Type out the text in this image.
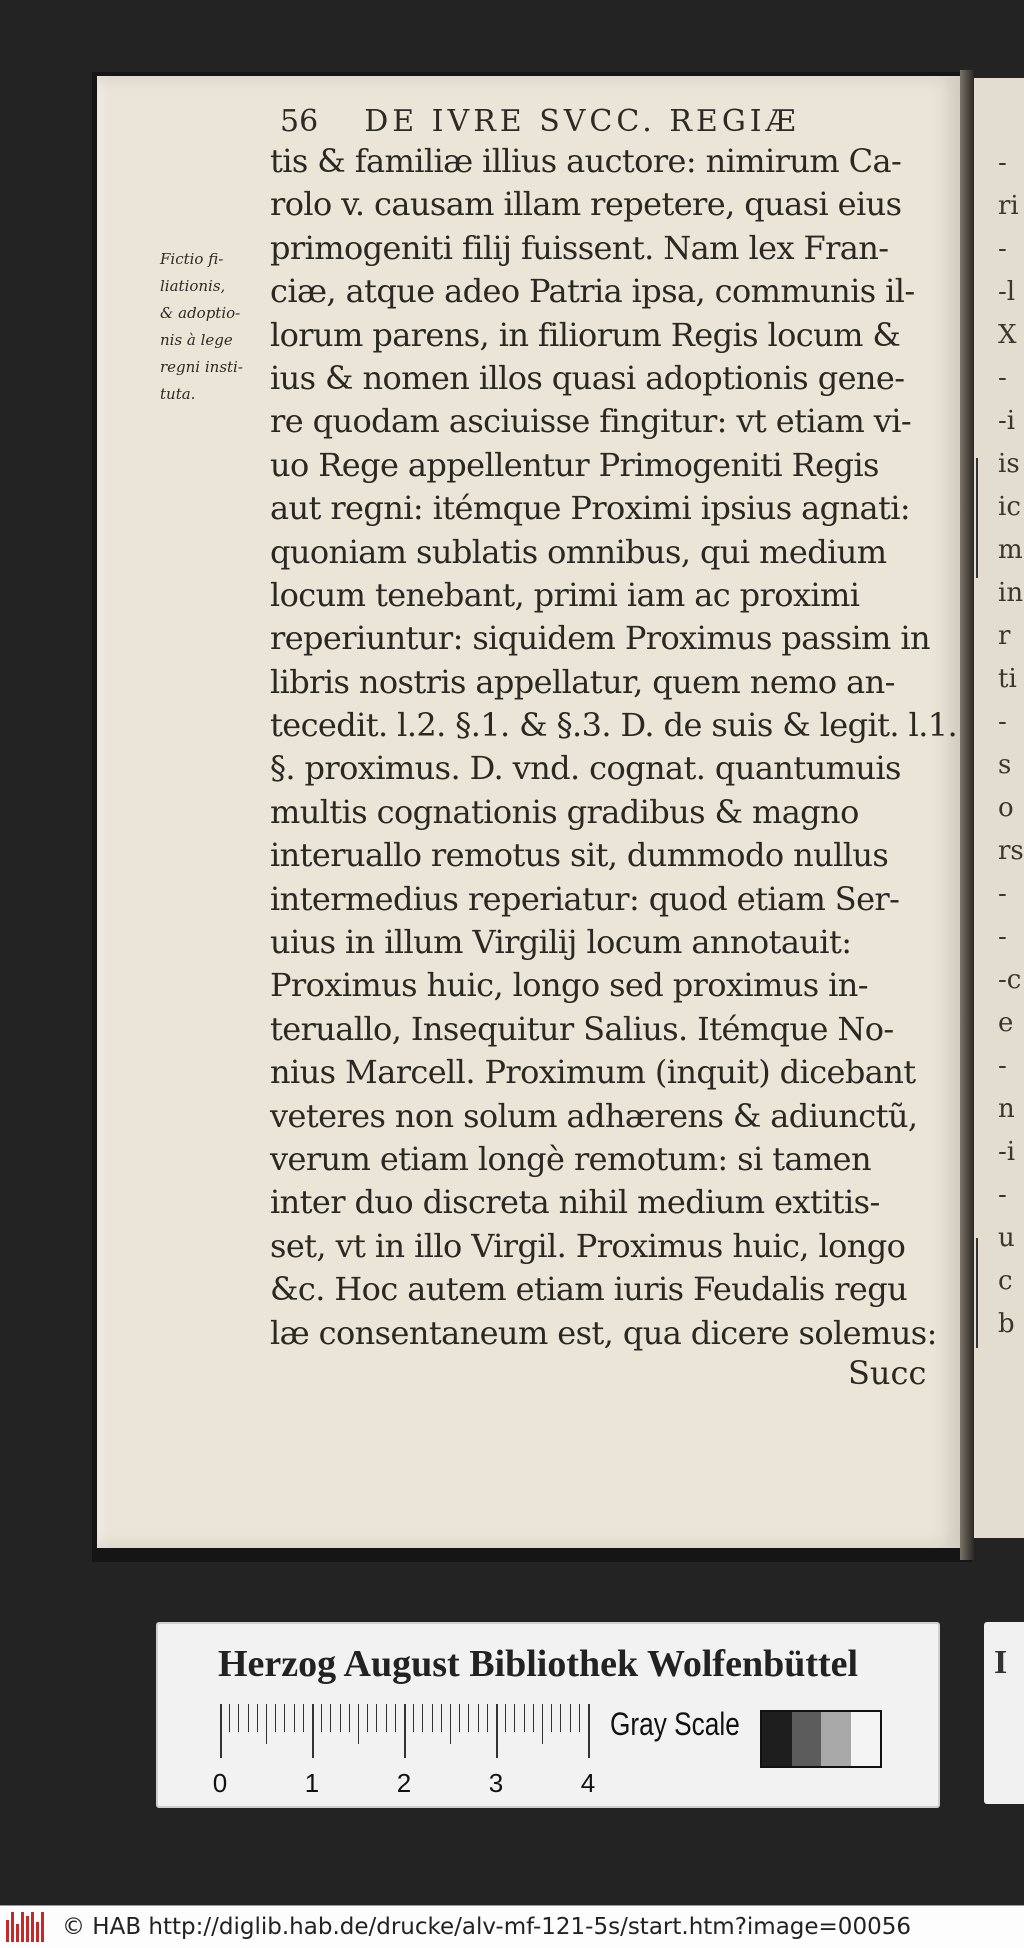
-
ri
-
-l
X
-
-i
is
ic
m
in
r
ti
-
s
o
rs
-
-
-c
e
-
n
-i
-
u
c
b
56 DE IVRE SVCC. REGIÆ
Fictio fi-
liationis,
& adoptio-
nis à lege
regni insti-
tuta.
tis & familiæ illius auctore: nimirum Ca-
rolo v. causam illam repetere, quasi eius
primogeniti filij fuissent. Nam lex Fran-
ciæ, atque adeo Patria ipsa, communis il-
lorum parens, in filiorum Regis locum &
ius & nomen illos quasi adoptionis gene-
re quodam asciuisse fingitur: vt etiam vi-
uo Rege appellentur Primogeniti Regis
aut regni: itémque Proximi ipsius agnati:
quoniam sublatis omnibus, qui medium
locum tenebant, primi iam ac proximi
reperiuntur: siquidem Proximus passim in
libris nostris appellatur, quem nemo an-
tecedit. l.2. §.1. & §.3. D. de suis & legit. l.1.
§. proximus. D. vnd. cognat. quantumuis
multis cognationis gradibus & magno
interuallo remotus sit, dummodo nullus
intermedius reperiatur: quod etiam Ser-
uius in illum Virgilij locum annotauit:
Proximus huic, longo sed proximus in-
teruallo, Insequitur Salius. Itémque No-
nius Marcell. Proximum (inquit) dicebant
veteres non solum adhærens & adiunctũ,
verum etiam longè remotum: si tamen
inter duo discreta nihil medium extitis-
set, vt in illo Virgil. Proximus huic, longo
&c. Hoc autem etiam iuris Feudalis regu
læ consentaneum est, qua dicere solemus:
Succ
Herzog August Bibliothek Wolfenbüttel
0	1	2	3	4
Gray Scale
I
© HAB http://diglib.hab.de/drucke/alv-mf-121-5s/start.htm?image=00056
